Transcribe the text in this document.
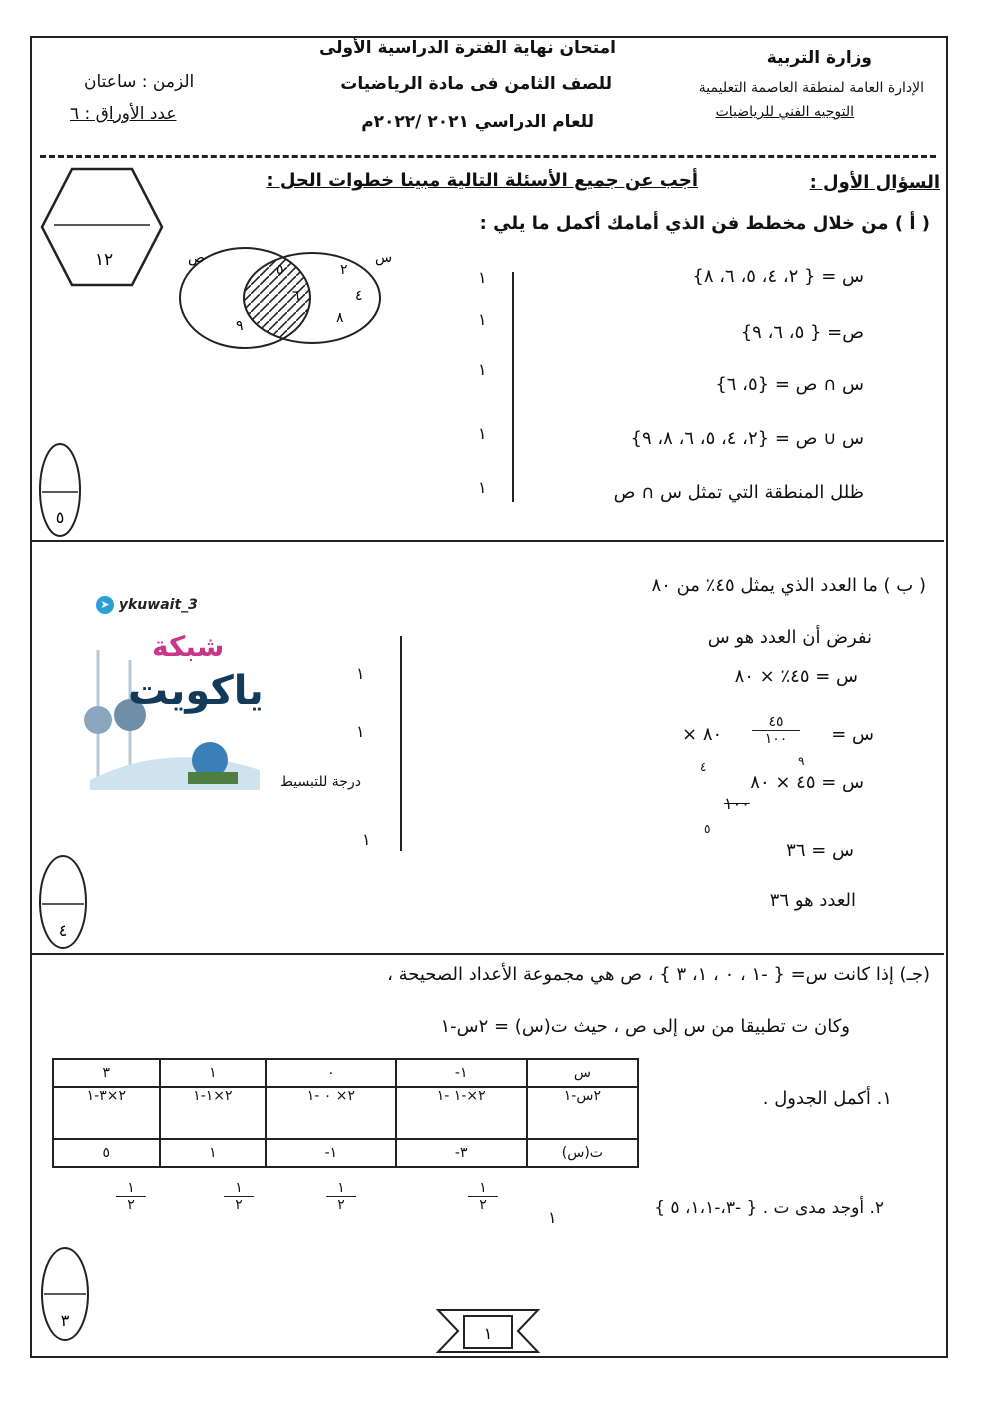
وزارة التربية
الإدارة العامة لمنطقة العاصمة التعليمية
التوجيه الفني للرياضيات
امتحان نهاية الفترة الدراسية الأولى
للصف الثامن فى مادة الرياضيات
للعام الدراسي ٢٠٢١ /٢٠٢٢م
الزمن : ساعتان
عدد الأوراق : ٦
السؤال الأول :
أجب عن جميع الأسئلة التالية مبينا خطوات الحل :
١٢
( أ ) من خلال مخطط فن الذي أمامك أكمل ما يلي :
س = { ٢، ٤، ٥، ٦، ٨}
ص= { ٥، ٦، ٩}
س ∩ ص = {٥، ٦}
س ∪ ص = {٢، ٤، ٥، ٦، ٨، ٩}
ظلل المنطقة التي تمثل س ∩ ص
١
١
١
١
١
ص	س
٢
٤
٨
٥
٦
٩
٥
( ب ) ما العدد الذي يمثل ٤٥٪ من ٨٠
نفرض أن العدد هو س
س = ٤٥٪ × ٨٠
× ٨٠
٤٥
١٠٠	س =
س = ٤٥ × ٨٠
١٠٠
٩
٤
٥
س = ٣٦
العدد هو ٣٦
١
١
درجة للتبسيط
١
➤ ykuwait_3
شبكة
ياكويت
٤
(جـ) إذا كانت س= { -١ ، ٠ ، ١، ٣ } ، ص هي مجموعة الأعداد الصحيحة ،
وكان ت تطبيقا من س إلى ص ، حيث ت(س) = ٢س-١
١. أكمل الجدول .
٣	١	٠	-١	س
٢×٣-١	٢×١-١	٢× ٠ -١	٢×-١ -١	٢س-١
٥	١	-١	-٣	ت(س)
١
٢
١
٢
١
٢
١
٢	٢. أوجد مدى ت . { -٣،-١،١، ٥ }
١
٣
١
